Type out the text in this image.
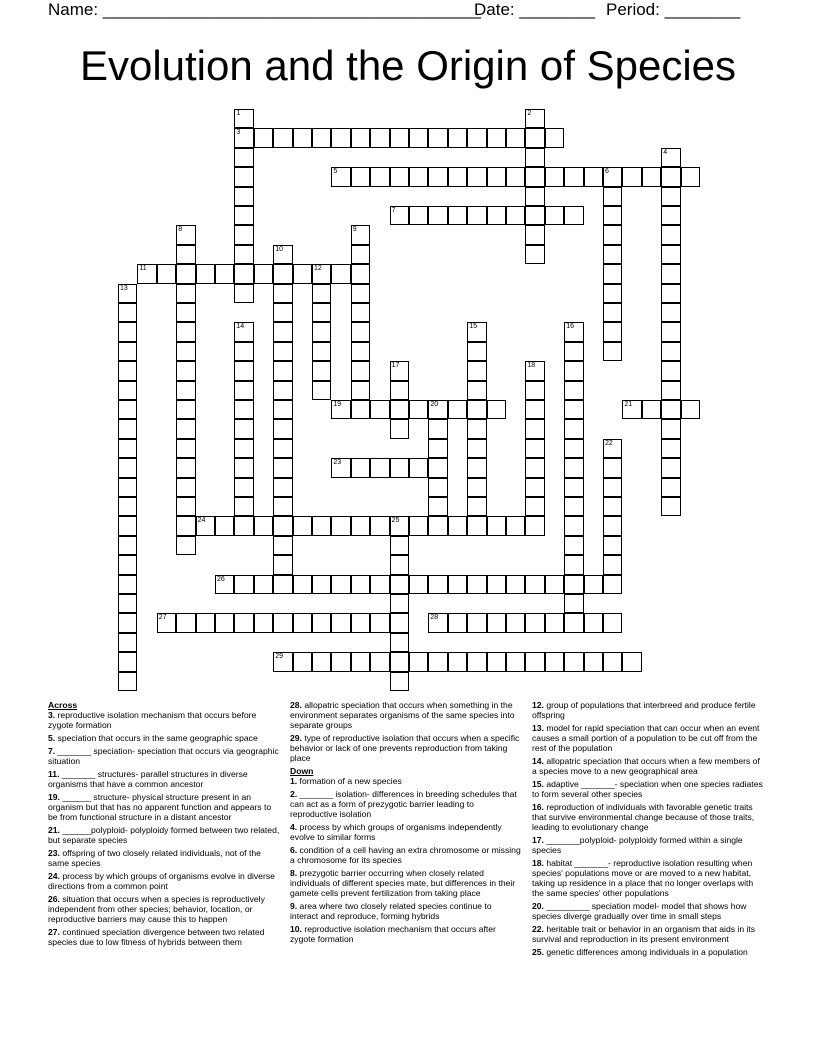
Name: ________________________________________
Date: ________ Period: ________
Evolution and the Origin of Species
3
5	6
7
11	12
19	20	21
23
24	25
26
27	28
29
1	2
4
8	9
10
13
14	15	16
17	18
22

Across

3. reproductive isolation mechanism that occurs before zygote formation

5. speciation that occurs in the same geographic space

7. _______ speciation- speciation that occurs via geographic situation

11. _______ structures- parallel structures in diverse organisms that have a common ancestor

19. ______ structure- physical structure present in an organism but that has no apparent function and appears to be from functional structure in a distant ancestor

21. ______polyploid- polyploidy formed between two related, but separate species

23. offspring of two closely related individuals, not of the same species

24. process by which groups of organisms evolve in diverse directions from a common point

26. situation that occurs when a species is reproductively independent from other species; behavior, location, or reproductive barriers may cause this to happen

27. continued speciation divergence between two related species due to low fitness of hybrids between them

28. allopatric speciation that occurs when something in the environment separates organisms of the same species into separate groups

29. type of reproductive isolation that occurs when a specific behavior or lack of one prevents reproduction from taking place

Down

1. formation of a new species

2. _______ isolation- differences in breeding schedules that can act as a form of prezygotic barrier leading to reproductive isolation

4. process by which groups of organisms independently evolve to similar forms

6. condition of a cell having an extra chromosome or missing a chromosome for its species

8. prezygotic barrier occurring when closely related individuals of different species mate, but differences in their gamete cells prevent fertilization from taking place

9. area where two closely related species continue to interact and reproduce, forming hybrids

10. reproductive isolation mechanism that occurs after zygote formation

12. group of populations that interbreed and produce fertile offspring

13. model for rapid speciation that can occur when an event causes a small portion of a population to be cut off from the rest of the population

14. allopatric speciation that occurs when a few members of a species move to a new geographical area

15. adaptive _______- speciation when one species radiates to form several other species

16. reproduction of individuals with favorable genetic traits that survive environmental change because of those traits, leading to evolutionary change

17. _______polyploid- polyploidy formed within a single species

18. habitat _______- reproductive isolation resulting when species' populations move or are moved to a new habitat, taking up residence in a place that no longer overlaps with the same species' other populations

20. _________ speciation model- model that shows how species diverge gradually over time in small steps

22. heritable trait or behavior in an organism that aids in its survival and reproduction in its present environment

25. genetic differences among individuals in a population
